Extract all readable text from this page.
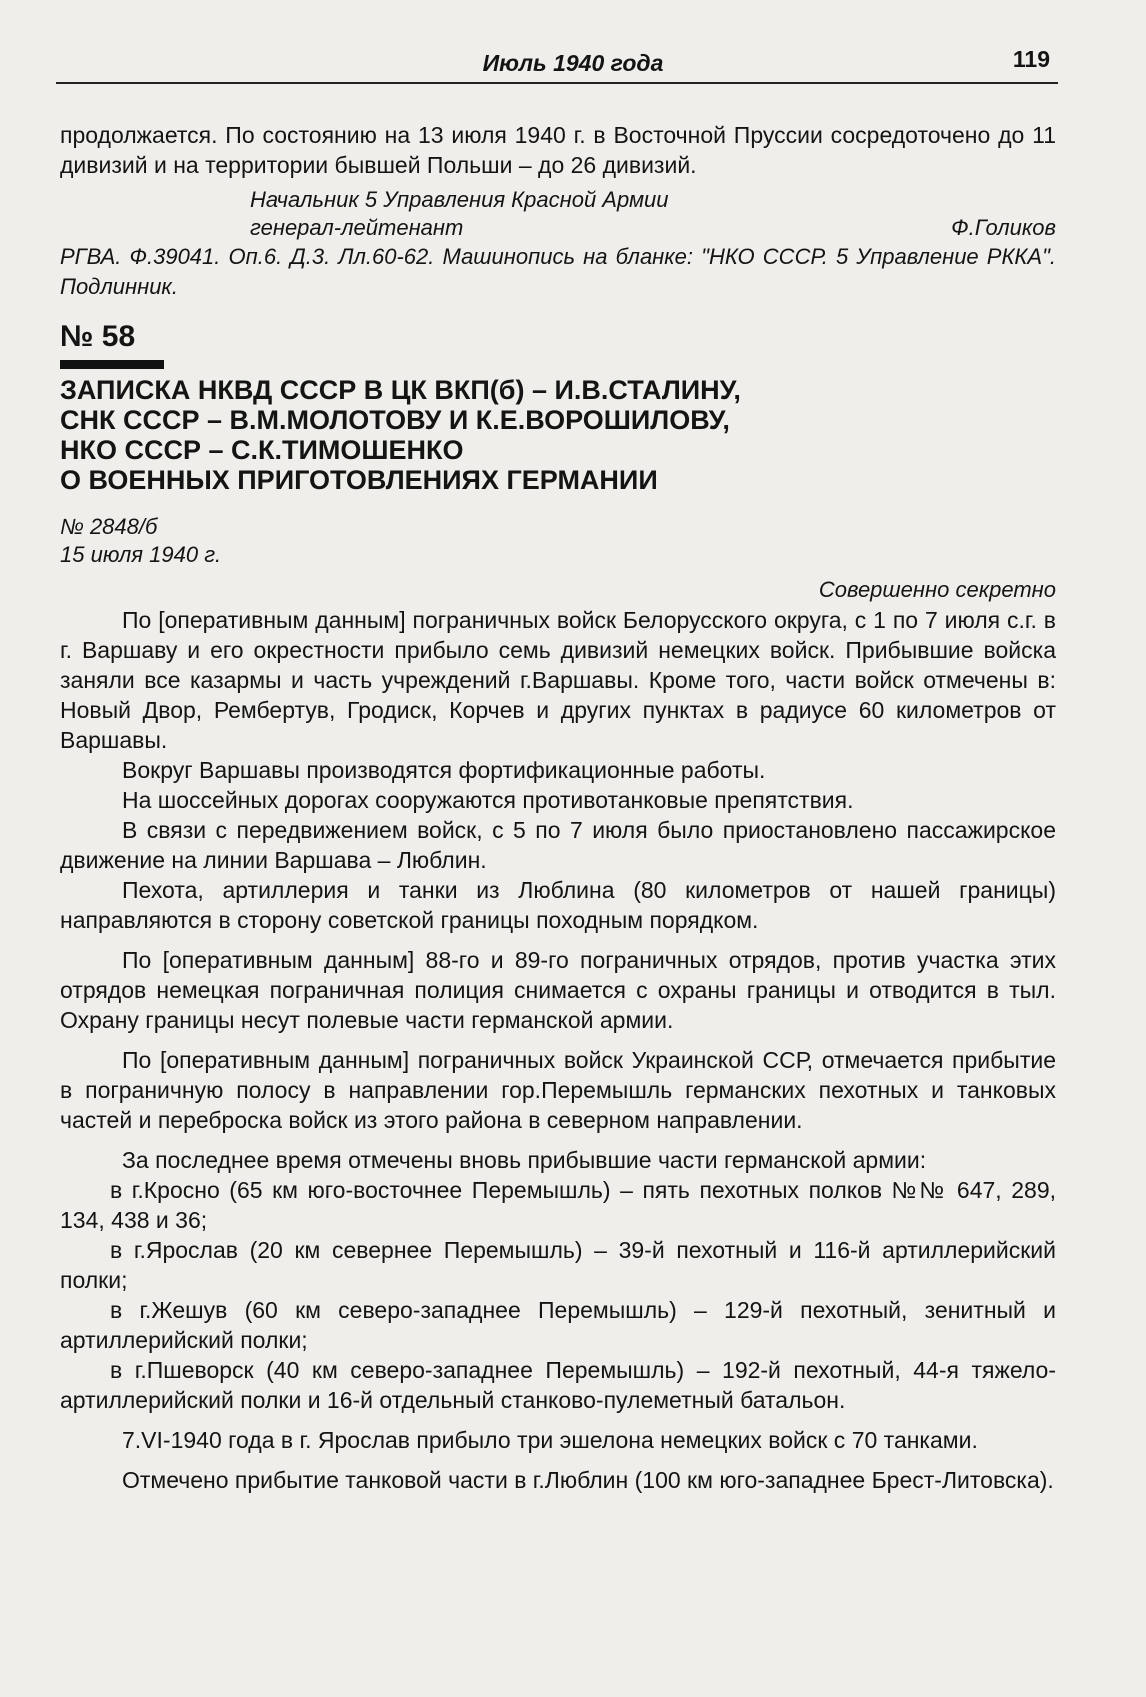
Июль 1940 года	119

продолжается. По состоянию на 13 июля 1940 г. в Восточной Пруссии сосредоточено до 11 дивизий и на территории бывшей Польши – до 26 дивизий.

Начальник 5 Управления Красной Армии
генерал-лейтенант	Ф.Голиков

РГВА. Ф.39041. Оп.6. Д.3. Лл.60-62. Машинопись на бланке: "НКО СССР. 5 Управление РККА". Подлинник.

№ 58
ЗАПИСКА НКВД СССР В ЦК ВКП(б) – И.В.СТАЛИНУ,
СНК СССР – В.М.МОЛОТОВУ И К.Е.ВОРОШИЛОВУ,
НКО СССР – С.К.ТИМОШЕНКО
О ВОЕННЫХ ПРИГОТОВЛЕНИЯХ ГЕРМАНИИ
№ 2848/б
15 июля 1940 г.
Совершенно секретно

По [оперативным данным] пограничных войск Белорусского округа, с 1 по 7 июля с.г. в г. Варшаву и его окрестности прибыло семь дивизий немецких войск. Прибывшие войска заняли все казармы и часть учреждений г.Варшавы. Кроме того, части войск отмечены в: Новый Двор, Рембертув, Гродиск, Корчев и других пунктах в радиусе 60 километров от Варшавы.

Вокруг Варшавы производятся фортификационные работы.

На шоссейных дорогах сооружаются противотанковые препятствия.

В связи с передвижением войск, с 5 по 7 июля было приостановлено пассажирское движение на линии Варшава – Люблин.

Пехота, артиллерия и танки из Люблина (80 километров от нашей границы) направляются в сторону советской границы походным порядком.

По [оперативным данным] 88-го и 89-го пограничных отрядов, против участка этих отрядов немецкая пограничная полиция снимается с охраны границы и отводится в тыл. Охрану границы несут полевые части германской армии.

По [оперативным данным] пограничных войск Украинской ССР, отмечается прибытие в пограничную полосу в направлении гор.Перемышль германских пехотных и танковых частей и переброска войск из этого района в северном направлении.

За последнее время отмечены вновь прибывшие части германской армии:

в г.Кросно (65 км юго-восточнее Перемышль) – пять пехотных полков №№ 647, 289, 134, 438 и 36;

в г.Ярослав (20 км севернее Перемышль) – 39-й пехотный и 116-й артиллерийский полки;

в г.Жешув (60 км северо-западнее Перемышль) – 129-й пехотный, зенитный и артиллерийский полки;

в г.Пшеворск (40 км северо-западнее Перемышль) – 192-й пехотный, 44-я тяжело-артиллерийский полки и 16-й отдельный станково-пулеметный батальон.

7.VI-1940 года в г. Ярослав прибыло три эшелона немецких войск с 70 танками.

Отмечено прибытие танковой части в г.Люблин (100 км юго-западнее Брест-Литовска).
